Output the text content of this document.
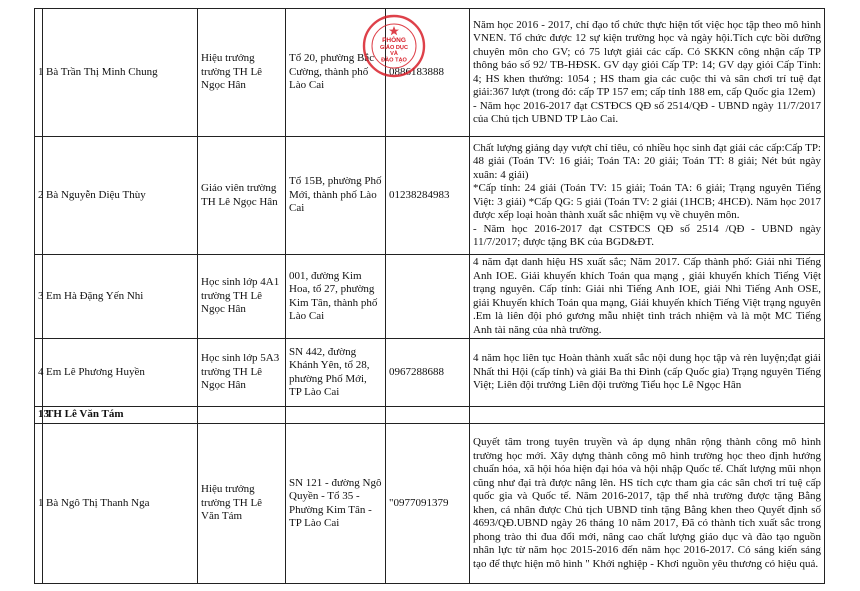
1	Bà Trần Thị Minh Chung	Hiệu trưởng trường TH Lê Ngọc Hân	Tổ 20, phường Bắc Cường, thành phố Lào Cai	0886183888	Năm học 2016 - 2017, chỉ đạo tổ chức thực hiện tốt việc học tập theo mô hình VNEN. Tổ chức được 12 sự kiện trường học và ngày hội.Tích cực bồi dưỡng chuyên môn cho GV; có 75 lượt giải các cấp. Có SKKN công nhận cấp TP thông báo số 92/ TB-HĐSK. GV dạy giỏi Cấp TP: 14; GV dạy giỏi Cấp Tỉnh: 4; HS khen thưởng: 1054 ; HS tham gia các cuộc thi và sân chơi trí tuệ đạt giải:367 lượt (trong đó: cấp TP 157 em; cấp tỉnh 188 em, cấp Quốc gia 12em)
- Năm học 2016-2017 đạt CSTĐCS QĐ số 2514/QĐ - UBND ngày 11/7/2017 của Chủ tịch UBND TP Lào Cai.
2	Bà Nguyễn Diệu Thùy	Giáo viên trường TH Lê Ngọc Hân	Tổ 15B, phường Phố Mới, thành phố Lào Cai	01238284983	Chất lượng giảng dạy vượt chỉ tiêu, có nhiều học sinh đạt giải các cấp:Cấp TP: 48 giải (Toán TV: 16 giải; Toán TA: 20 giải; Toán TT: 8 giải; Nét bút ngày xuân: 4 giải)
*Cấp tỉnh: 24 giải (Toán TV: 15 giải; Toán TA: 6 giải; Trạng nguyên Tiếng Việt: 3 giải) *Cấp QG: 5 giải (Toán TV: 2 giải (1HCB; 4HCĐ). Năm học 2017 được xếp loại hoàn thành xuất sắc nhiệm vụ về chuyên môn.
- Năm học 2016-2017 đạt CSTĐCS QĐ số 2514 /QĐ - UBND ngày 11/7/2017; được tặng BK của BGD&ĐT.
3	Em Hà Đặng Yến Nhi	Học sinh lớp 4A1 trường TH Lê Ngọc Hân	001, đường Kim Hoa, tổ 27, phường Kim Tân, thành phố Lào Cai		4 năm đạt danh hiệu HS xuất sắc; Năm 2017. Cấp thành phố: Giải nhì Tiếng Anh IOE. Giải khuyến khích Toán qua mạng , giải khuyến khích Tiếng Việt trạng nguyên. Cấp tỉnh: Giải nhì Tiếng Anh IOE, giải Nhì Tiếng Anh OSE, giải Khuyến khích Toán qua mạng, Giải khuyến khích Tiếng Việt trạng nguyên .Em là liên đội phó gương mẫu nhiệt tình trách nhiệm và là một MC Tiếng Anh tài năng của nhà trường.
4	Em Lê Phương Huyền	Học sinh lớp 5A3 trường TH Lê Ngọc Hân	SN 442, đường Khánh Yên, tổ 28, phường Phố Mới, TP Lào Cai	0967288688	4 năm học liên tục Hoàn thành xuất sắc nội dung học tập và rèn luyện;đạt giải Nhất thi Hội (cấp tỉnh) và giải Ba thi Đình (cấp Quốc gia) Trạng nguyên Tiếng Việt; Liên đội trưởng Liên đội trường Tiểu học Lê Ngọc Hân
13	TH Lê Văn Tám				
1	Bà Ngô Thị Thanh Nga	Hiệu trưởng trường TH Lê Văn Tám	SN 121 - đường Ngô Quyền - Tổ 35 - Phường Kim Tân - TP Lào Cai	"0977091379	Quyết tâm trong tuyên truyền và áp dụng nhân rộng thành công mô hình trường học mới. Xây dựng thành công mô hình trường học theo định hướng chuẩn hóa, xã hội hóa hiện đại hóa và hội nhập Quốc tế. Chất lượng mũi nhọn cũng như đại trà được nâng lên. HS tích cực tham gia các sân chơi trí tuệ cấp quốc gia và Quốc tế. Năm 2016-2017, tập thể nhà trường được tặng Bằng khen, cá nhân được Chủ tịch UBND tỉnh tặng Bằng khen theo Quyết định số 4693/QĐ.UBND ngày 26 tháng 10 năm 2017, Đã có thành tích xuất sắc trong phong trào thi đua đổi mới, nâng cao chất lượng giáo dục và đào tạo nguồn nhân lực từ năm học 2015-2016 đến năm học 2016-2017. Có sáng kiến sáng tạo để thực hiện mô hình " Khởi nghiệp - Khơi nguồn yêu thương có hiệu quả.
PHÒNG
GIÁO DỤC
VÀ
ĐÀO TẠO
